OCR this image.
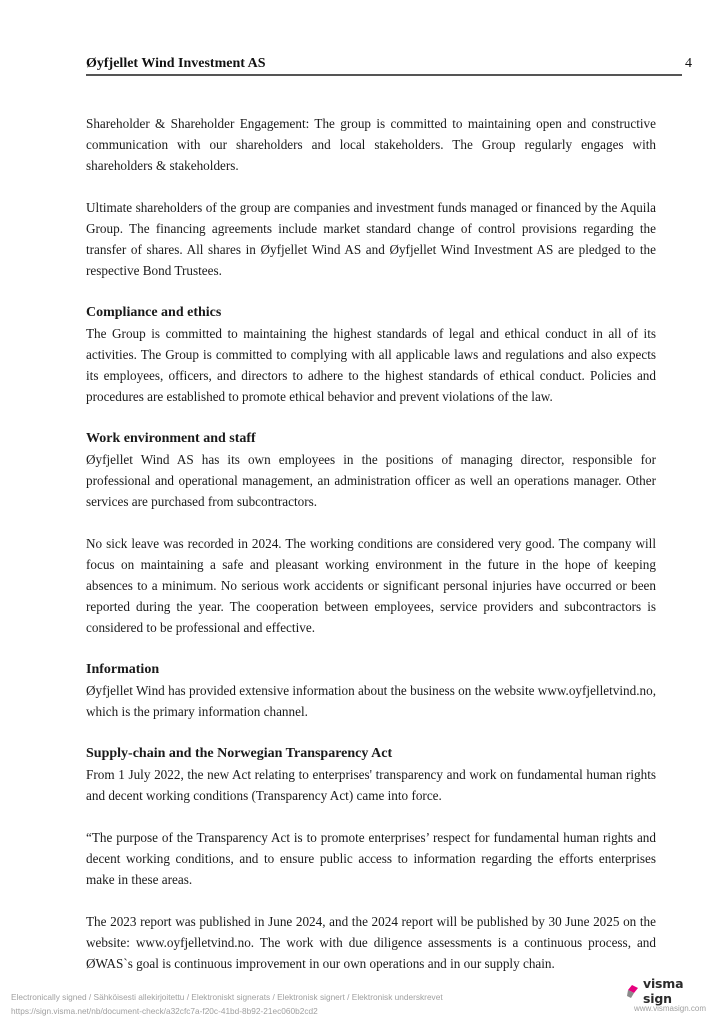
Øyfjellet Wind Investment AS	4

Shareholder & Shareholder Engagement: The group is committed to maintaining open and constructive communication with our shareholders and local stakeholders. The Group regularly engages with shareholders & stakeholders.

Ultimate shareholders of the group are companies and investment funds managed or financed by the Aquila Group. The financing agreements include market standard change of control provisions regarding the transfer of shares. All shares in Øyfjellet Wind AS and Øyfjellet Wind Investment AS are pledged to the respective Bond Trustees.

Compliance and ethics

The Group is committed to maintaining the highest standards of legal and ethical conduct in all of its activities. The Group is committed to complying with all applicable laws and regulations and also expects its employees, officers, and directors to adhere to the highest standards of ethical conduct. Policies and procedures are established to promote ethical behavior and prevent violations of the law.

Work environment and staff

Øyfjellet Wind AS has its own employees in the positions of managing director, responsible for professional and operational management, an administration officer as well an operations manager. Other services are purchased from subcontractors.

No sick leave was recorded in 2024. The working conditions are considered very good. The company will focus on maintaining a safe and pleasant working environment in the future in the hope of keeping absences to a minimum. No serious work accidents or significant personal injuries have occurred or been reported during the year. The cooperation between employees, service providers and subcontractors is considered to be professional and effective.

Information

Øyfjellet Wind has provided extensive information about the business on the website www.oyfjelletvind.no, which is the primary information channel.

Supply-chain and the Norwegian Transparency Act

From 1 July 2022, the new Act relating to enterprises' transparency and work on fundamental human rights and decent working conditions (Transparency Act) came into force.

“The purpose of the Transparency Act is to promote enterprises’ respect for fundamental human rights and decent working conditions, and to ensure public access to information regarding the efforts enterprises make in these areas.

The 2023 report was published in June 2024, and the 2024 report will be published by 30 June 2025 on the website: www.oyfjelletvind.no. The work with due diligence assessments is a continuous process, and ØWAS`s goal is continuous improvement in our own operations and in our supply chain.

Electronically signed / Sähköisesti allekirjoitettu / Elektroniskt signerats / Elektronisk signert / Elektronisk underskrevet
https://sign.visma.net/nb/document-check/a32cfc7a-f20c-41bd-8b92-21ec060b2cd2
visma sign
www.vismasign.com
